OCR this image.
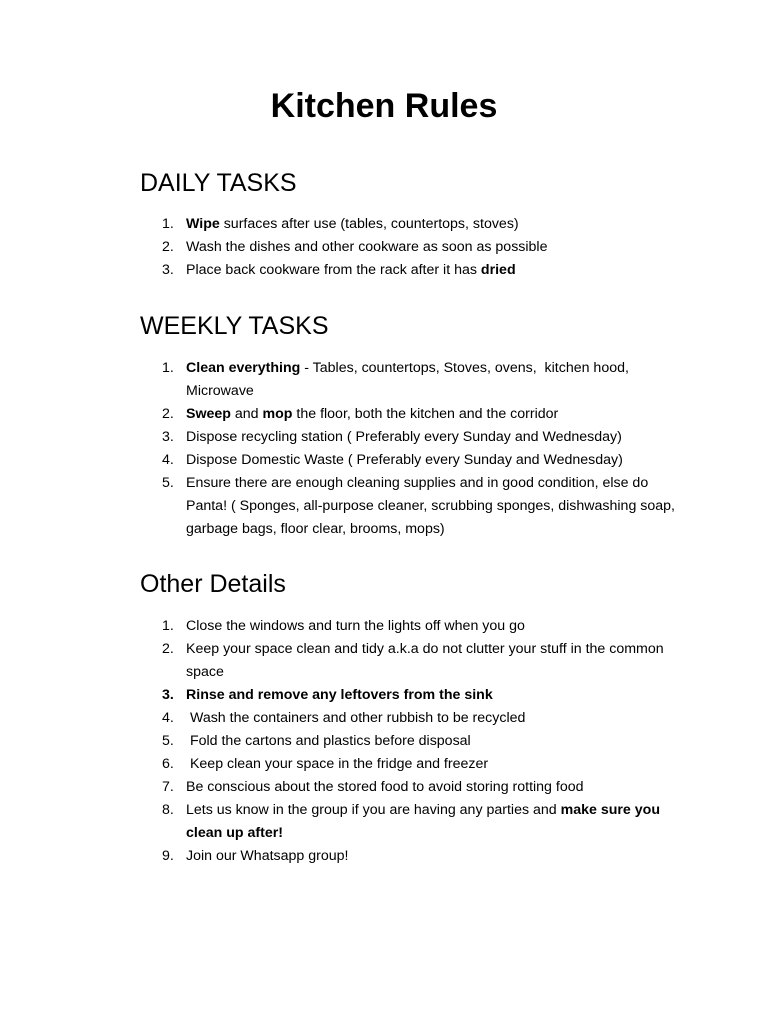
Kitchen Rules
DAILY TASKS
1. Wipe surfaces after use (tables, countertops, stoves)
2. Wash the dishes and other cookware as soon as possible
3. Place back cookware from the rack after it has dried
WEEKLY TASKS
1. Clean everything - Tables, countertops, Stoves, ovens,  kitchen hood, Microwave
2. Sweep and mop the floor, both the kitchen and the corridor
3. Dispose recycling station ( Preferably every Sunday and Wednesday)
4. Dispose Domestic Waste ( Preferably every Sunday and Wednesday)
5. Ensure there are enough cleaning supplies and in good condition, else do Panta! ( Sponges, all-purpose cleaner, scrubbing sponges, dishwashing soap, garbage bags, floor clear, brooms, mops)
Other Details
1. Close the windows and turn the lights off when you go
2. Keep your space clean and tidy a.k.a do not clutter your stuff in the common space
3. Rinse and remove any leftovers from the sink
4. Wash the containers and other rubbish to be recycled
5. Fold the cartons and plastics before disposal
6. Keep clean your space in the fridge and freezer
7. Be conscious about the stored food to avoid storing rotting food
8. Lets us know in the group if you are having any parties and make sure you clean up after!
9. Join our Whatsapp group!
